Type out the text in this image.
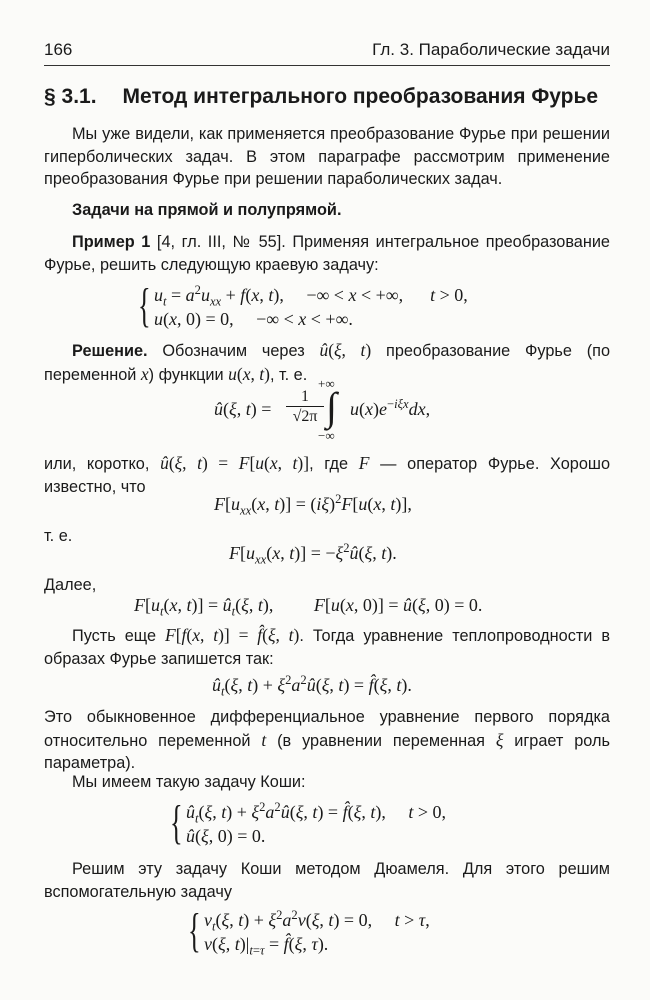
166	Гл. 3. Параболические задачи
§ 3.1. Метод интегрального преобразования Фурье
Мы уже видели, как применяется преобразование Фурье при решении гиперболических задач. В этом параграфе рассмотрим применение преобразования Фурье при решении параболических задач.
Задачи на прямой и полупрямой.
Пример 1 [4, гл. III, № 55]. Применяя интегральное преобразование Фурье, решить следующую краевую задачу:
{ $u_t = a^2u_{xx} + f(x$, t),     −∞ < x < +∞,      t > 0,
u(x, 0) = 0,     −∞ < x < +∞.
Решение. Обозначим через û(ξ, t) преобразование Фурье (по переменной x) функции u(x, t), т. е.
û(ξ, t) =
1
√2π
+∞
∫
−∞
$u(x)e^{-i\xi x}dx$,
или, коротко, û(ξ, t) = F[u(x, t)], где F — оператор Фурье. Хорошо известно, что
$F[u_{xx}(x$, $t)] = (i\xi)^2F[u(x$, t)],
т. е.
$F[u_{xx}(x$, $t)] = -\xi^2û(\xi$, t).
Далее,
$F[u_t(x$, $t)] = û_t(\xi$, t),         F[u(x, 0)] = û(ξ, 0) = 0.
Пусть еще F[f(x, t)] = f̂(ξ, t). Тогда уравнение теплопроводности в образах Фурье запишется так:
$û_t(\xi$, $t) + \xi^2a^2û(\xi$, t) = f̂(ξ, t).
Это обыкновенное дифференциальное уравнение первого порядка относительно переменной t (в уравнении переменная ξ играет роль параметра).
Мы имеем такую задачу Коши:
{ $û_t(\xi$, $t) + \xi^2a^2û(\xi$, t) = f̂(ξ, t),     t > 0,
û(ξ, 0) = 0.
Решим эту задачу Коши методом Дюамеля. Для этого решим вспомогательную задачу
{ $v_t(\xi$, $t) + \xi^2a^2v(\xi$, t) = 0,     t > τ,
v(ξ, $t)|_{t=\tau}$ = f̂(ξ, τ).
